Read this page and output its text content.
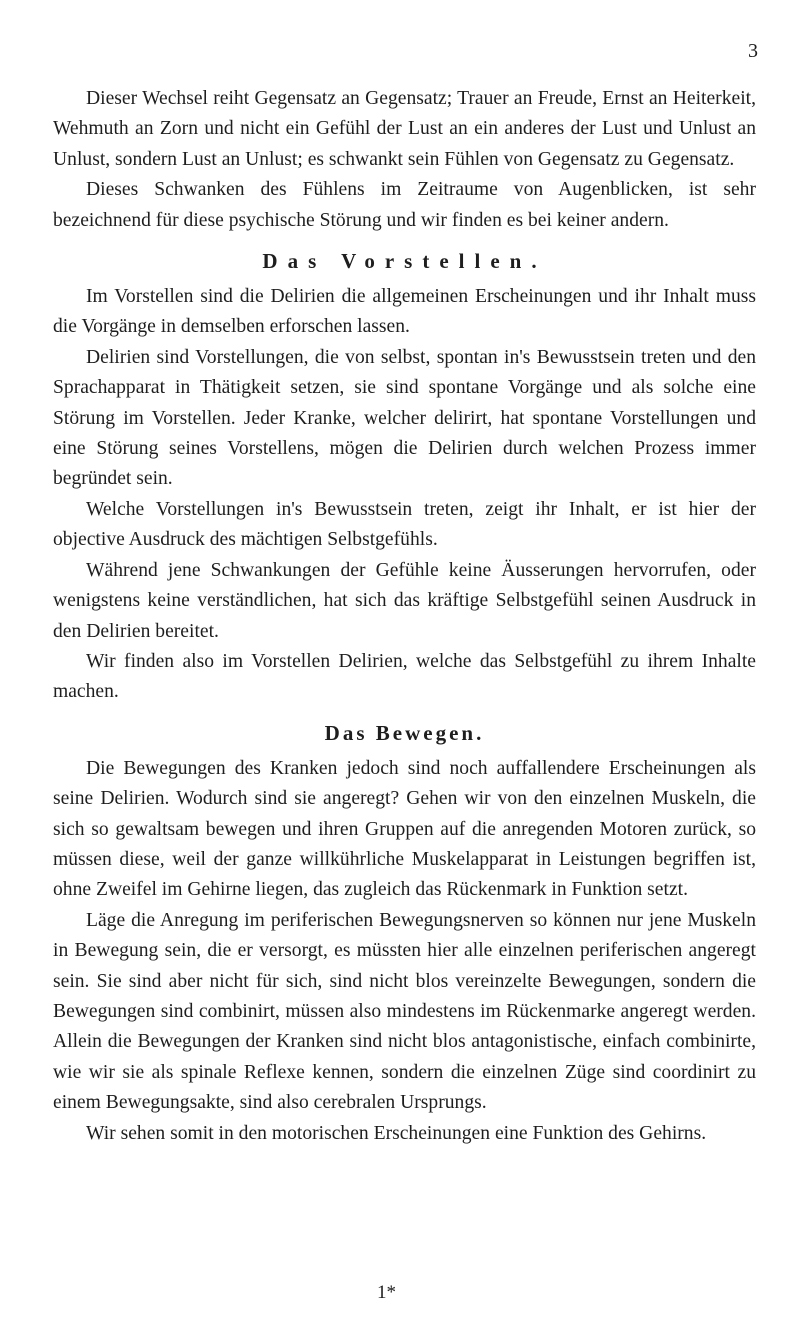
3

Dieser Wechsel reiht Gegensatz an Gegensatz; Trauer an Freude, Ernst an Heiterkeit, Wehmuth an Zorn und nicht ein Gefühl der Lust an ein anderes der Lust und Unlust an Unlust, sondern Lust an Unlust; es schwankt sein Fühlen von Gegensatz zu Gegensatz.

Dieses Schwanken des Fühlens im Zeitraume von Augenblicken, ist sehr bezeichnend für diese psychische Störung und wir finden es bei keiner andern.

Das Vorstellen.

Im Vorstellen sind die Delirien die allgemeinen Erscheinungen und ihr Inhalt muss die Vorgänge in demselben erforschen lassen.

Delirien sind Vorstellungen, die von selbst, spontan in's Bewusstsein treten und den Sprachapparat in Thätigkeit setzen, sie sind spontane Vorgänge und als solche eine Störung im Vorstellen. Jeder Kranke, welcher delirirt, hat spontane Vorstellungen und eine Störung seines Vorstellens, mögen die Delirien durch welchen Prozess immer begründet sein.

Welche Vorstellungen in's Bewusstsein treten, zeigt ihr Inhalt, er ist hier der objective Ausdruck des mächtigen Selbstgefühls.

Während jene Schwankungen der Gefühle keine Äusserungen hervorrufen, oder wenigstens keine verständlichen, hat sich das kräftige Selbstgefühl seinen Ausdruck in den Delirien bereitet.

Wir finden also im Vorstellen Delirien, welche das Selbstgefühl zu ihrem Inhalte machen.

Das Bewegen.

Die Bewegungen des Kranken jedoch sind noch auffallendere Erscheinungen als seine Delirien. Wodurch sind sie angeregt? Gehen wir von den einzelnen Muskeln, die sich so gewaltsam bewegen und ihren Gruppen auf die anregenden Motoren zurück, so müssen diese, weil der ganze willkührliche Muskelapparat in Leistungen begriffen ist, ohne Zweifel im Gehirne liegen, das zugleich das Rückenmark in Funktion setzt.

Läge die Anregung im periferischen Bewegungsnerven so können nur jene Muskeln in Bewegung sein, die er versorgt, es müssten hier alle einzelnen periferischen angeregt sein. Sie sind aber nicht für sich, sind nicht blos vereinzelte Bewegungen, sondern die Bewegungen sind combinirt, müssen also mindestens im Rückenmarke angeregt werden. Allein die Bewegungen der Kranken sind nicht blos antagonistische, einfach combinirte, wie wir sie als spinale Reflexe kennen, sondern die einzelnen Züge sind coordinirt zu einem Bewegungsakte, sind also cerebralen Ursprungs.

Wir sehen somit in den motorischen Erscheinungen eine Funktion des Gehirns.

1*
